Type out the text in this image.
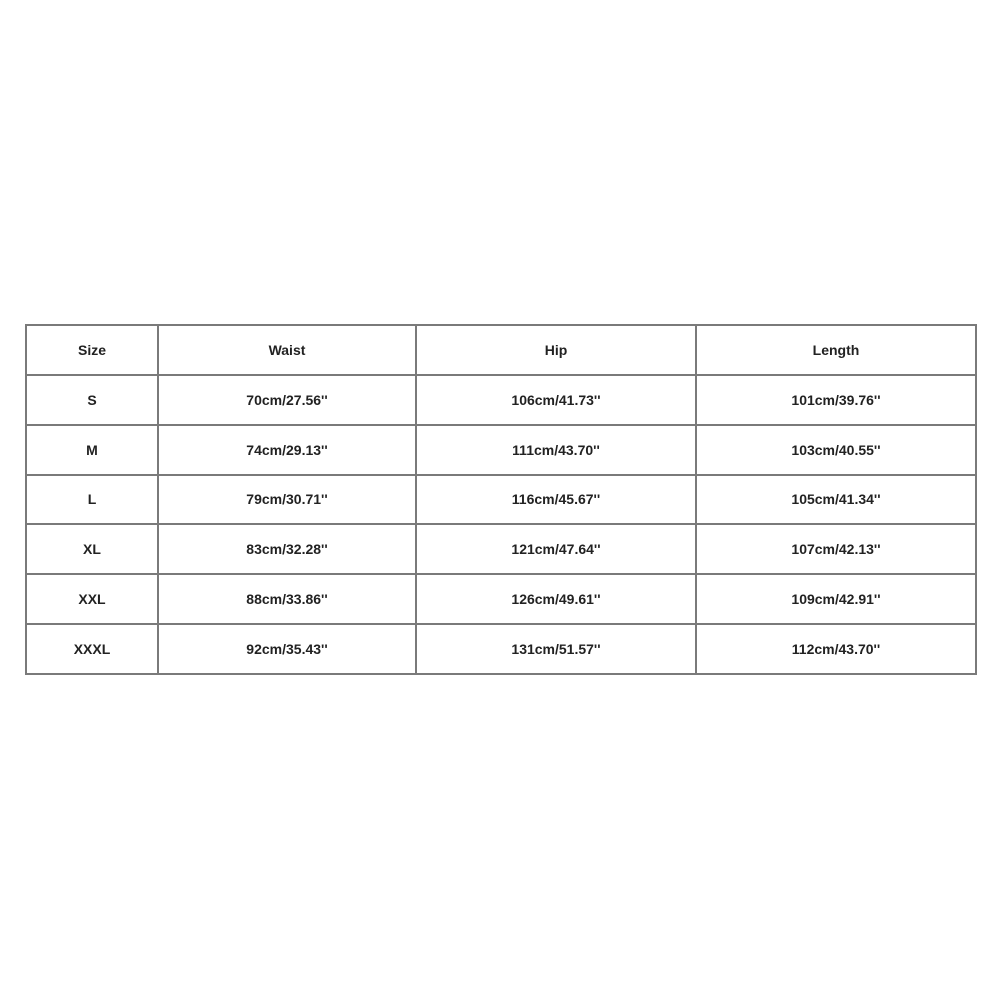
Size	Waist	Hip	Length
S	70cm/27.56''	106cm/41.73''	101cm/39.76''
M	74cm/29.13''	111cm/43.70''	103cm/40.55''
L	79cm/30.71''	116cm/45.67''	105cm/41.34''
XL	83cm/32.28''	121cm/47.64''	107cm/42.13''
XXL	88cm/33.86''	126cm/49.61''	109cm/42.91''
XXXL	92cm/35.43''	131cm/51.57''	112cm/43.70''
